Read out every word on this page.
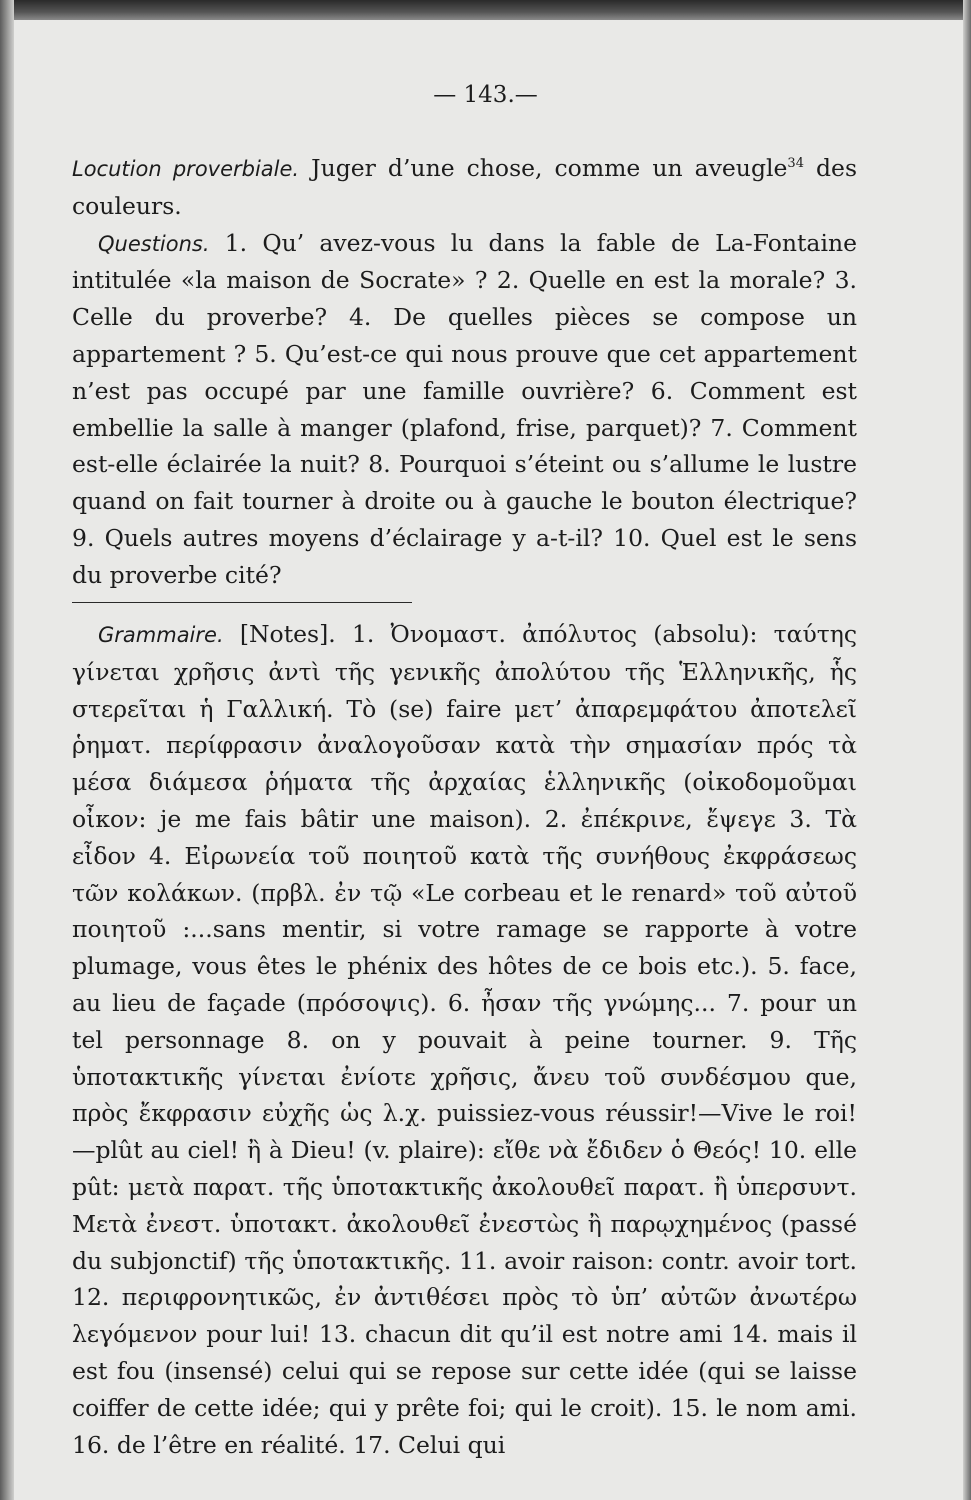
— 143.—

Locution proverbiale. Juger d’une chose, comme un aveugle$^{34}$ des couleurs.

Questions. 1. Qu’ avez-vous lu dans la fable de La-Fontaine intitulée «la maison de Socrate» ? 2. Quelle en est la morale? 3. Celle du proverbe? 4. De quelles pièces se compose un appartement ? 5. Qu’est-ce qui nous prouve que cet appartement n’est pas occupé par une famille ouvrière? 6. Comment est embellie la salle à manger (plafond, frise, parquet)? 7. Comment est-elle éclairée la nuit? 8. Pourquoi s’éteint ou s’allume le lustre quand on fait tourner à droite ou à gauche le bouton électrique? 9. Quels autres moyens d’éclairage y a-t-il? 10. Quel est le sens du proverbe cité?

Grammaire. [Notes]. 1. Ὀνομαστ. ἀπόλυτος (absolu): ταύτης γίνεται χρῆσις ἀντὶ τῆς γενικῆς ἀπολύτου τῆς Ἑλληνικῆς, ἧς στερεῖται ἡ Γαλλική. Τὸ (se) faire μετ’ ἀπαρεμφάτου ἀποτελεῖ ῥηματ. περίφρασιν ἀναλογοῦσαν κατὰ τὴν σημασίαν πρός τὰ μέσα διάμεσα ῥήματα τῆς ἀρχαίας ἑλληνικῆς (οἰκοδομοῦμαι οἶκον: je me fais bâtir une maison). 2. ἐπέκρινε, ἔψεγε 3. Τὰ εἶδον 4. Εἰρωνεία τοῦ ποιητοῦ κατὰ τῆς συνήθους ἐκφράσεως τῶν κολάκων. (πρβλ. ἐν τῷ «Le corbeau et le renard» τοῦ αὐτοῦ ποιητοῦ :...sans mentir, si votre ramage se rapporte à votre plumage, vous êtes le phénix des hôtes de ce bois etc.). 5. face, au lieu de façade (πρόσοψις). 6. ἦσαν τῆς γνώμης... 7. pour un tel personnage 8. on y pouvait à peine tourner. 9. Τῆς ὑποτακτικῆς γίνεται ἐνίοτε χρῆσις, ἄνευ τοῦ συνδέσμου que, πρὸς ἔκφρασιν εὐχῆς ὡς λ.χ. puissiez-vous réussir!—Vive le roi!—plût au ciel! ἢ à Dieu! (v. plaire): εἴθε νὰ ἔδιδεν ὁ Θεός! 10. elle pût: μετὰ παρατ. τῆς ὑποτακτικῆς ἀκολουθεῖ παρατ. ἢ ὑπερσυντ. Μετὰ ἐνεστ. ὑποτακτ. ἀκολουθεῖ ἐνεστὼς ἢ παρῳχημένος (passé du subjonctif) τῆς ὑποτακτικῆς. 11. avoir raison: contr. avoir tort. 12. περιφρονητικῶς, ἐν ἀντιθέσει πρὸς τὸ ὑπ’ αὐτῶν ἀνωτέρω λεγόμενον pour lui! 13. chacun dit qu’il est notre ami 14. mais il est fou (insensé) celui qui se repose sur cette idée (qui se laisse coiffer de cette idée; qui y prête foi; qui le croit). 15. le nom ami. 16. de l’être en réalité. 17. Celui qui
